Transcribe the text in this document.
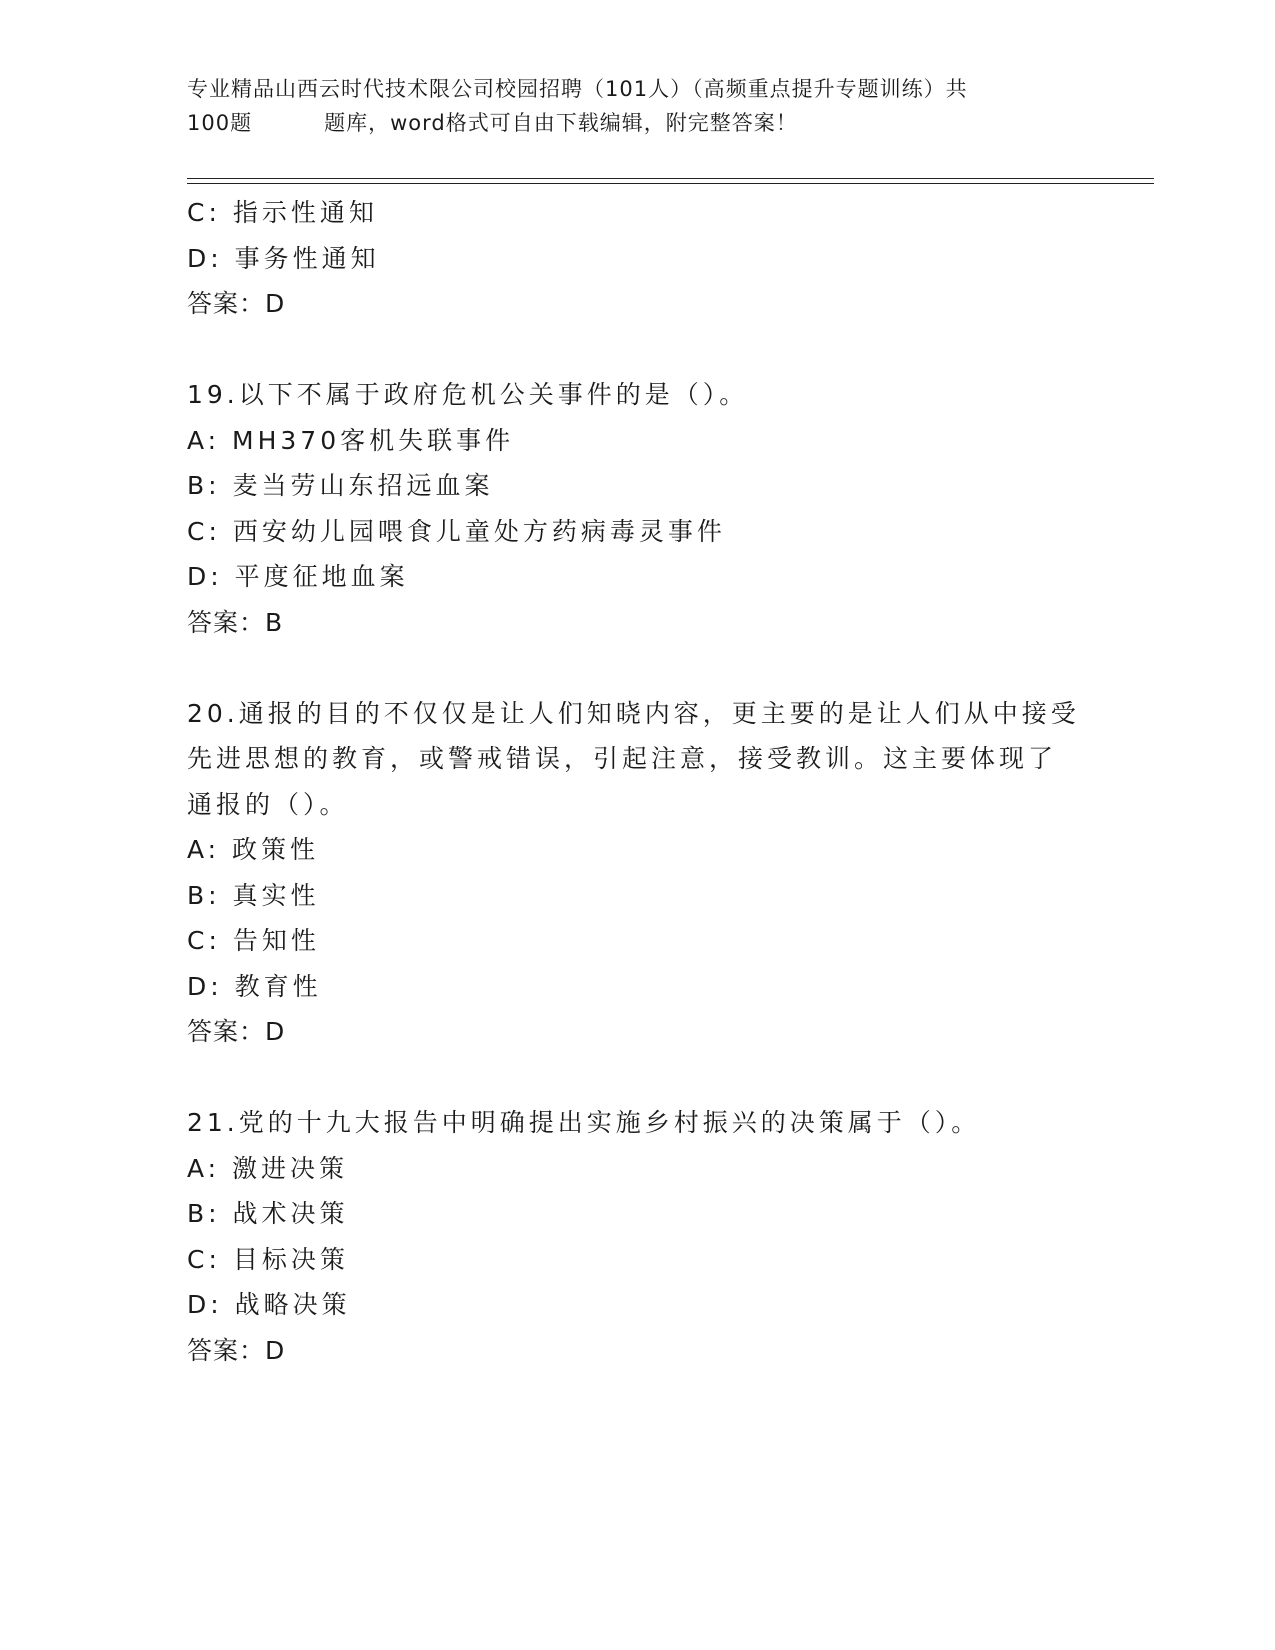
专业精品山西云时代技术限公司校园招聘（101人）（高频重点提升专题训练）共
100题	题库，word格式可自由下载编辑，附完整答案！
C: 指示性通知
D: 事务性通知
答案：D
19.以下不属于政府危机公关事件的是（）。
A: MH370客机失联事件
B: 麦当劳山东招远血案
C: 西安幼儿园喂食儿童处方药病毒灵事件
D: 平度征地血案
答案：B
20.通报的目的不仅仅是让人们知晓内容，更主要的是让人们从中接受
先进思想的教育，或警戒错误，引起注意，接受教训。这主要体现了
通报的（）。
A: 政策性
B: 真实性
C: 告知性
D: 教育性
答案：D
21.党的十九大报告中明确提出实施乡村振兴的决策属于（）。
A: 激进决策
B: 战术决策
C: 目标决策
D: 战略决策
答案：D
